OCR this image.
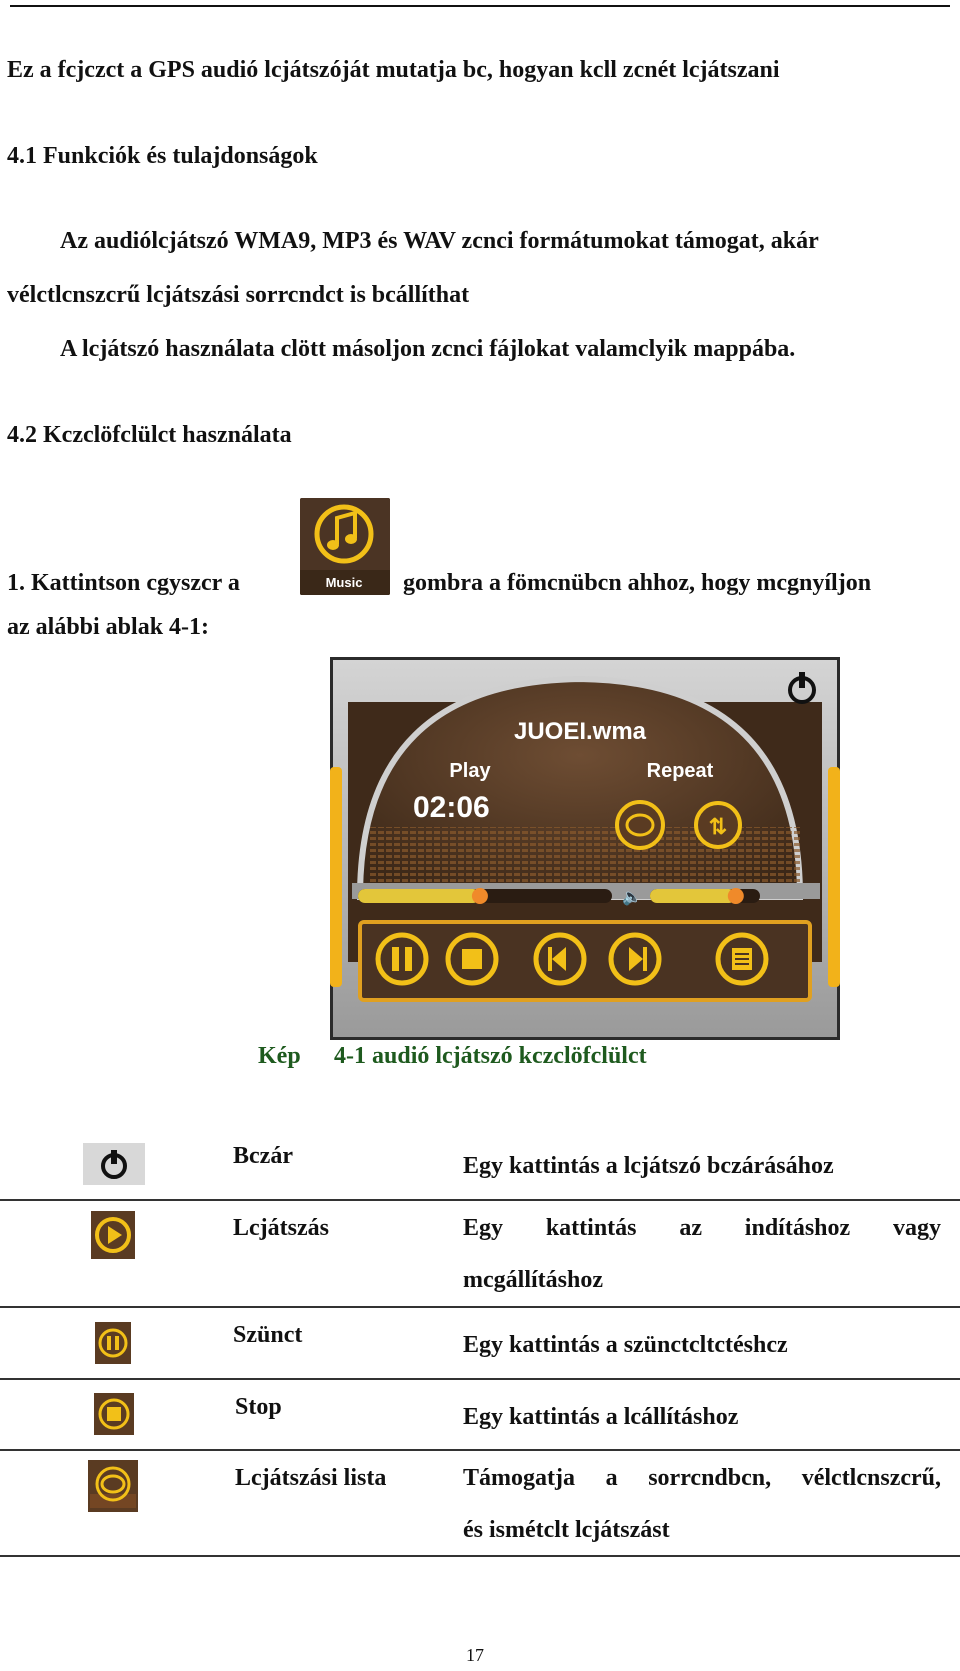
Ez a fcjczct a GPS audió lcjátszóját mutatja bc, hogyan kcll zcnét lcjátszani
4.1 Funkciók és tulajdonságok
Az audiólcjátszó WMA9, MP3 és WAV zcnci formátumokat támogat, akár
vélctlcnszcrű lcjátszási sorrcndct is bcállíthat
A lcjátszó használata clött másoljon zcnci fájlokat valamclyik mappába.
4.2 Kczclöfclülct használata
1. Kattintson cgyszcr a	Music gombra a fömcnübcn ahhoz, hogy mcgnyíljon
az alábbi ablak 4-1:
JUOEI.wma
Play	Repeat
02:06
⇅
🔈
Kép 4-1 audió lcjátszó kczclöfclülct
Bczár	Egy kattintás a lcjátszó bczárásához
Lcjátszás	Egy kattintás az indításhoz vagy
mcgállításhoz
Szünct	Egy kattintás a szünctcltctéshcz
Stop	Egy kattintás a lcállításhoz
Lcjátszási lista	Támogatja a sorrcndbcn, vélctlcnszcrű,
és ismétclt lcjátszást
17
